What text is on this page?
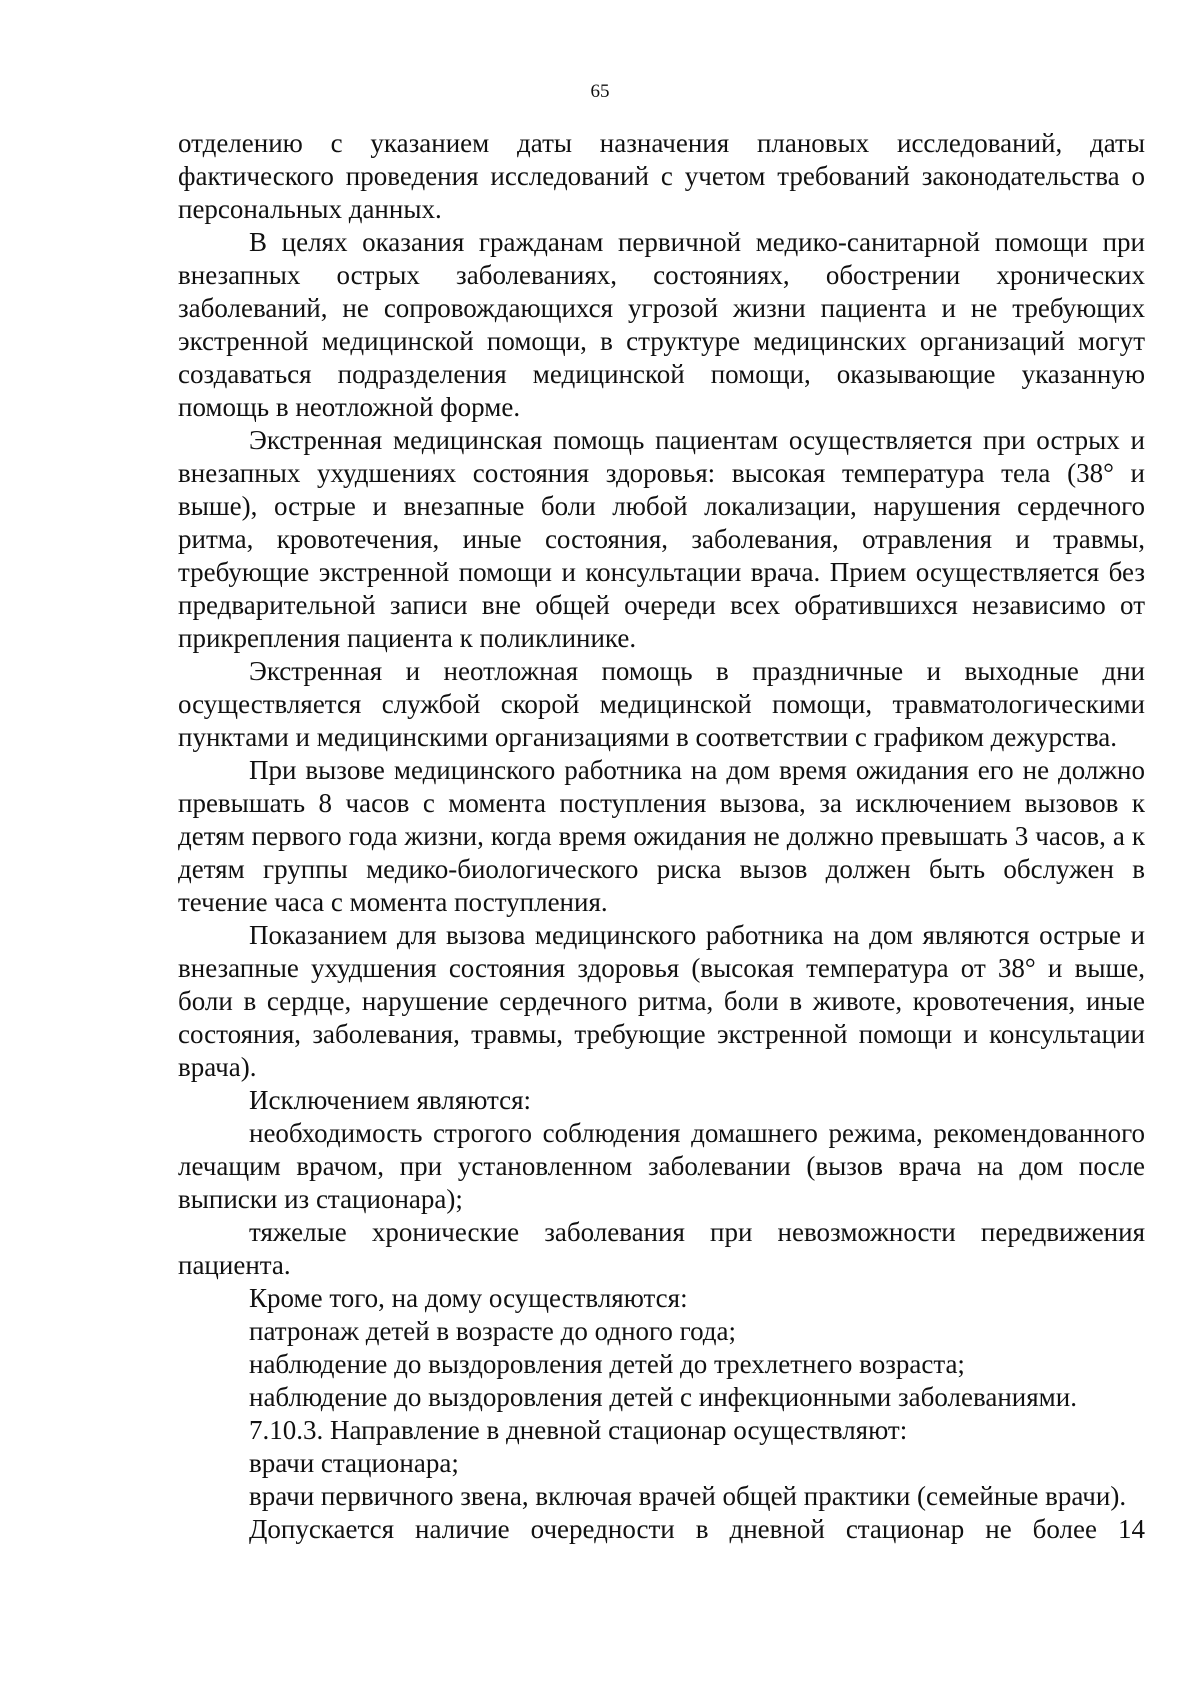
65

отделению с указанием даты назначения плановых исследований, даты фактического проведения исследований с учетом требований законодательства о персональных данных.

В целях оказания гражданам первичной медико-санитарной помощи при внезапных острых заболеваниях, состояниях, обострении хронических заболеваний, не сопровождающихся угрозой жизни пациента и не требующих экстренной медицинской помощи, в структуре медицинских организаций могут создаваться подразделения медицинской помощи, оказывающие указанную помощь в неотложной форме.

Экстренная медицинская помощь пациентам осуществляется при острых и внезапных ухудшениях состояния здоровья: высокая температура тела (38° и выше), острые и внезапные боли любой локализации, нарушения сердечного ритма, кровотечения, иные состояния, заболевания, отравления и травмы, требующие экстренной помощи и консультации врача. Прием осуществляется без предварительной записи вне общей очереди всех обратившихся независимо от прикрепления пациента к поликлинике.

Экстренная и неотложная помощь в праздничные и выходные дни осуществляется службой скорой медицинской помощи, травматологическими пунктами и медицинскими организациями в соответствии с графиком дежурства.

При вызове медицинского работника на дом время ожидания его не должно превышать 8 часов с момента поступления вызова, за исключением вызовов к детям первого года жизни, когда время ожидания не должно превышать 3 часов, а к детям группы медико-биологического риска вызов должен быть обслужен в течение часа с момента поступления.

Показанием для вызова медицинского работника на дом являются острые и внезапные ухудшения состояния здоровья (высокая температура от 38° и выше, боли в сердце, нарушение сердечного ритма, боли в животе, кровотечения, иные состояния, заболевания, травмы, требующие экстренной помощи и консультации врача).

Исключением являются:

необходимость строгого соблюдения домашнего режима, рекомендованного лечащим врачом, при установленном заболевании (вызов врача на дом после выписки из стационара);

тяжелые хронические заболевания при невозможности передвижения пациента.

Кроме того, на дому осуществляются:

патронаж детей в возрасте до одного года;

наблюдение до выздоровления детей до трехлетнего возраста;

наблюдение до выздоровления детей с инфекционными заболеваниями.

7.10.3. Направление в дневной стационар осуществляют:

врачи стационара;

врачи первичного звена, включая врачей общей практики (семейные врачи).

Допускается наличие очередности в дневной стационар не более 14
